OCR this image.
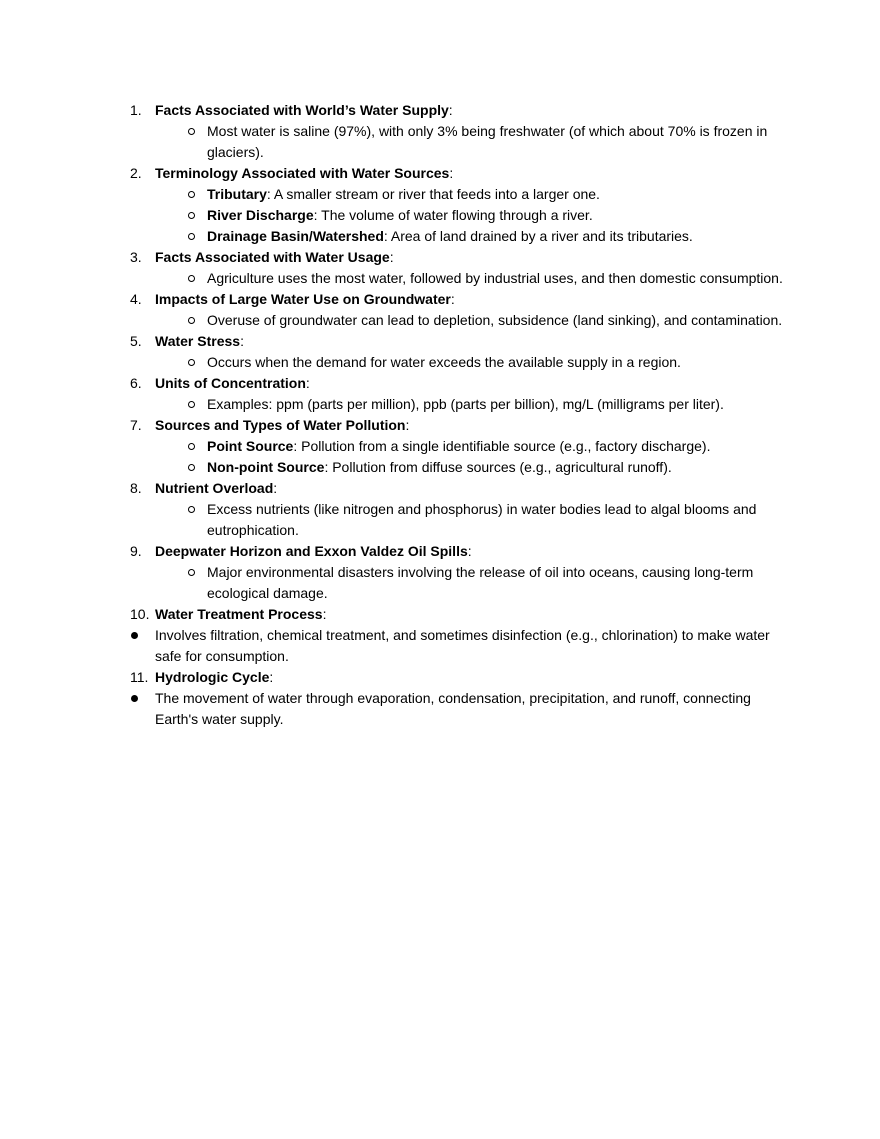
1. Facts Associated with World’s Water Supply:
Most water is saline (97%), with only 3% being freshwater (of which about 70% is frozen in glaciers).
2. Terminology Associated with Water Sources:
Tributary: A smaller stream or river that feeds into a larger one.
River Discharge: The volume of water flowing through a river.
Drainage Basin/Watershed: Area of land drained by a river and its tributaries.
3. Facts Associated with Water Usage:
Agriculture uses the most water, followed by industrial uses, and then domestic consumption.
4. Impacts of Large Water Use on Groundwater:
Overuse of groundwater can lead to depletion, subsidence (land sinking), and contamination.
5. Water Stress:
Occurs when the demand for water exceeds the available supply in a region.
6. Units of Concentration:
Examples: ppm (parts per million), ppb (parts per billion), mg/L (milligrams per liter).
7. Sources and Types of Water Pollution:
Point Source: Pollution from a single identifiable source (e.g., factory discharge).
Non-point Source: Pollution from diffuse sources (e.g., agricultural runoff).
8. Nutrient Overload:
Excess nutrients (like nitrogen and phosphorus) in water bodies lead to algal blooms and eutrophication.
9. Deepwater Horizon and Exxon Valdez Oil Spills:
Major environmental disasters involving the release of oil into oceans, causing long-term ecological damage.
10. Water Treatment Process:
Involves filtration, chemical treatment, and sometimes disinfection (e.g., chlorination) to make water safe for consumption.
11. Hydrologic Cycle:
The movement of water through evaporation, condensation, precipitation, and runoff, connecting Earth's water supply.
